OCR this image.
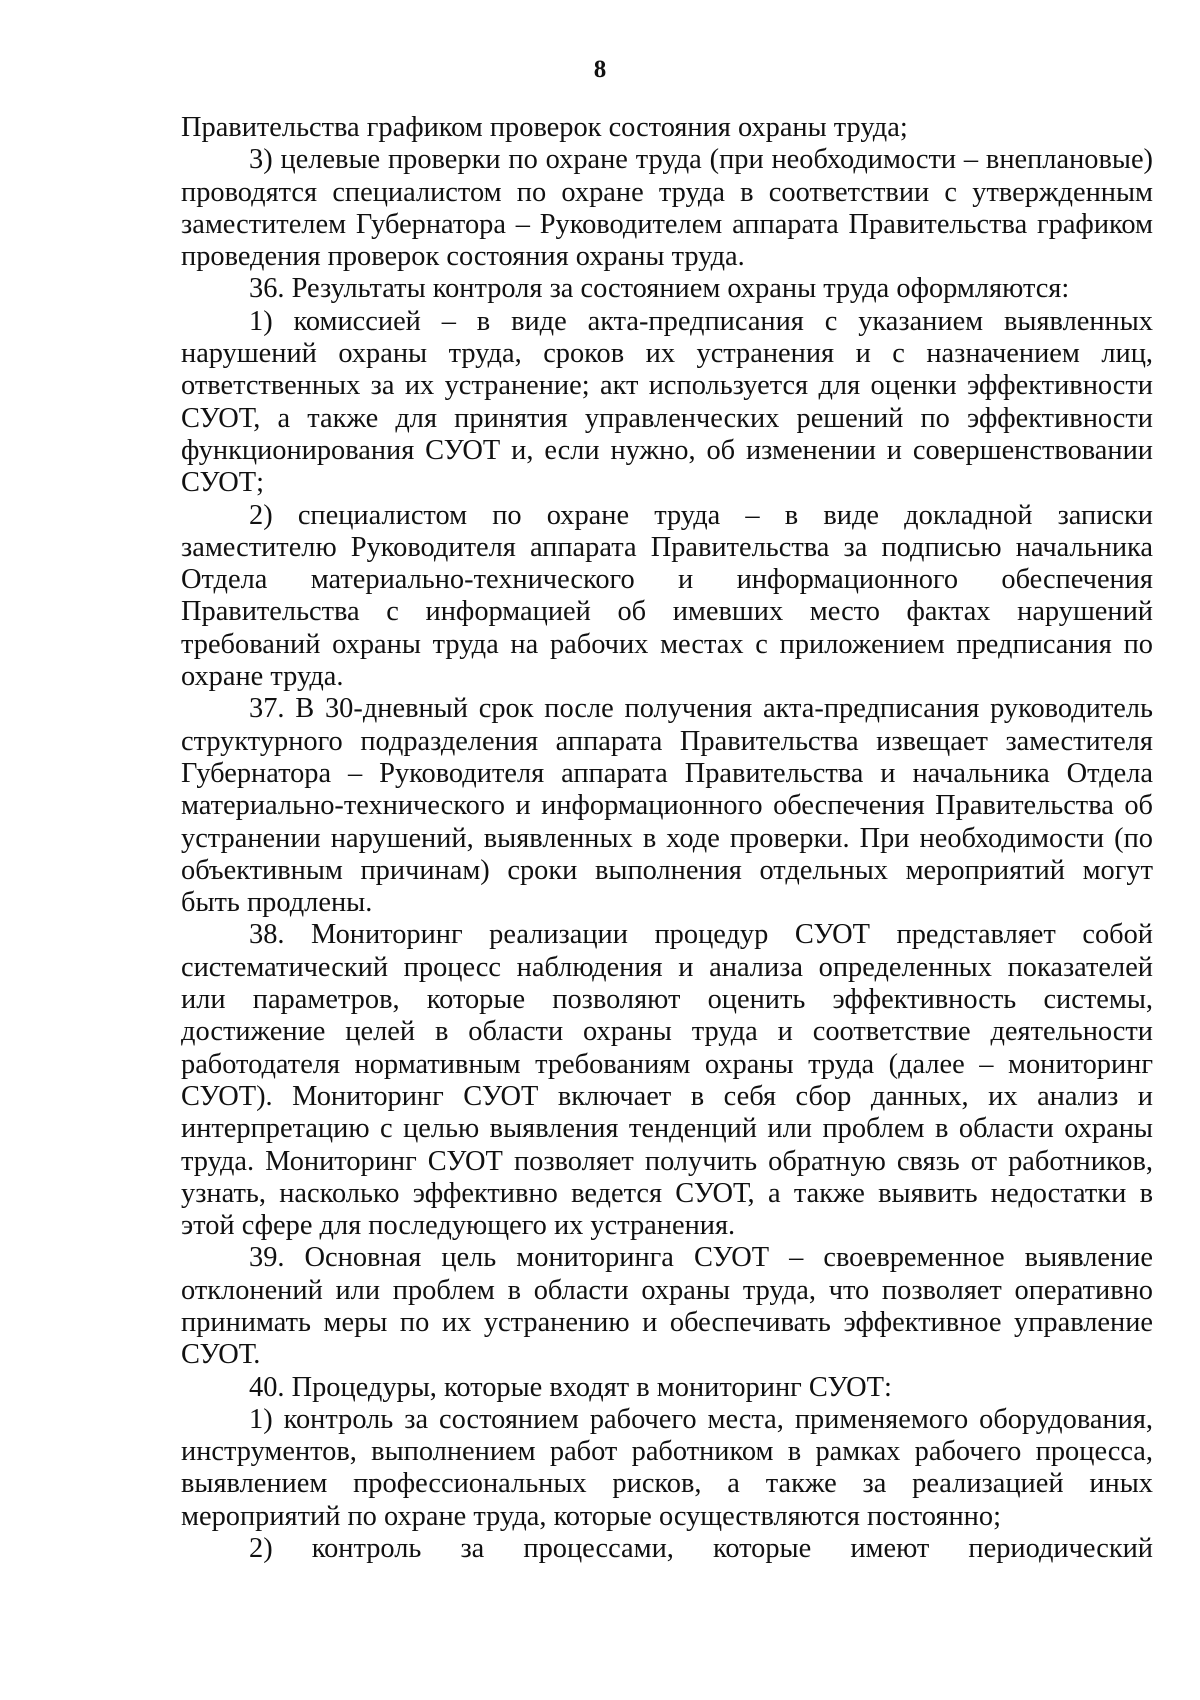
8

Правительства графиком проверок состояния охраны труда;

3) целевые проверки по охране труда (при необходимости – внеплановые) проводятся специалистом по охране труда в соответствии с утвержденным заместителем Губернатора – Руководителем аппарата Правительства графиком проведения проверок состояния охраны труда.

36. Результаты контроля за состоянием охраны труда оформляются:

1) комиссией – в виде акта-предписания с указанием выявленных нарушений охраны труда, сроков их устранения и с назначением лиц, ответственных за их устранение; акт используется для оценки эффективности СУОТ, а также для принятия управленческих решений по эффективности функционирования СУОТ и, если нужно, об изменении и совершенствовании СУОТ;

2) специалистом по охране труда – в виде докладной записки заместителю Руководителя аппарата Правительства за подписью начальника Отдела материально-технического и информационного обеспечения Правительства с информацией об имевших место фактах нарушений требований охраны труда на рабочих местах с приложением предписания по охране труда.

37. В 30-дневный срок после получения акта-предписания руководитель структурного подразделения аппарата Правительства извещает заместителя Губернатора – Руководителя аппарата Правительства и начальника Отдела материально-технического и информационного обеспечения Правительства об устранении нарушений, выявленных в ходе проверки. При необходимости (по объективным причинам) сроки выполнения отдельных мероприятий могут быть продлены.

38. Мониторинг реализации процедур СУОТ представляет собой систематический процесс наблюдения и анализа определенных показателей или параметров, которые позволяют оценить эффективность системы, достижение целей в области охраны труда и соответствие деятельности работодателя нормативным требованиям охраны труда (далее – мониторинг СУОТ). Мониторинг СУОТ включает в себя сбор данных, их анализ и интерпретацию с целью выявления тенденций или проблем в области охраны труда. Мониторинг СУОТ позволяет получить обратную связь от работников, узнать, насколько эффективно ведется СУОТ, а также выявить недостатки в этой сфере для последующего их устранения.

39. Основная цель мониторинга СУОТ – своевременное выявление отклонений или проблем в области охраны труда, что позволяет оперативно принимать меры по их устранению и обеспечивать эффективное управление СУОТ.

40. Процедуры, которые входят в мониторинг СУОТ:

1) контроль за состоянием рабочего места, применяемого оборудования, инструментов, выполнением работ работником в рамках рабочего процесса, выявлением профессиональных рисков, а также за реализацией иных мероприятий по охране труда, которые осуществляются постоянно;

2) контроль за процессами, которые имеют периодический
